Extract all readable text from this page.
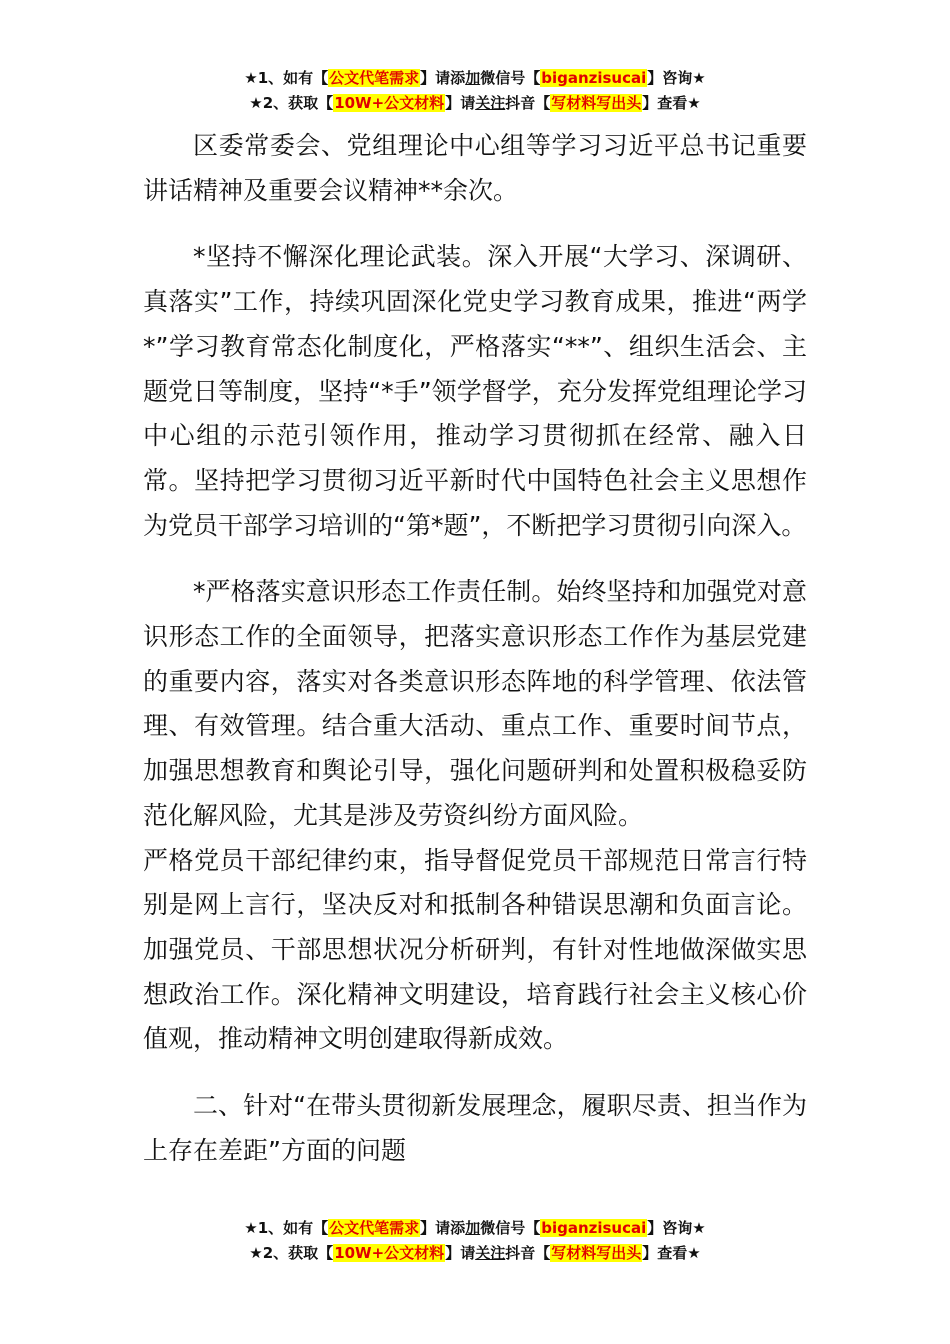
★1、如有【公文代笔需求】请添加微信号【biganzisucai】咨询★
★2、获取【10W+公文材料】请关注抖音【写材料写出头】查看★

区委常委会、党组理论中心组等学习习近平总书记重要讲话精神及重要会议精神**余次。

*坚持不懈深化理论武装。深入开展“大学习、深调研、真落实”工作，持续巩固深化党史学习教育成果，推进“两学*”学习教育常态化制度化，严格落实“**”、组织生活会、主题党日等制度，坚持“*手”领学督学，充分发挥党组理论学习中心组的示范引领作用，推动学习贯彻抓在经常、融入日常。坚持把学习贯彻习近平新时代中国特色社会主义思想作为党员干部学习培训的“第*题”，不断把学习贯彻引向深入。

*严格落实意识形态工作责任制。始终坚持和加强党对意识形态工作的全面领导，把落实意识形态工作作为基层党建的重要内容，落实对各类意识形态阵地的科学管理、依法管理、有效管理。结合重大活动、重点工作、重要时间节点，加强思想教育和舆论引导，强化问题研判和处置积极稳妥防范化解风险，尤其是涉及劳资纠纷方面风险。

严格党员干部纪律约束，指导督促党员干部规范日常言行特别是网上言行，坚决反对和抵制各种错误思潮和负面言论。加强党员、干部思想状况分析研判，有针对性地做深做实思想政治工作。深化精神文明建设，培育践行社会主义核心价值观，推动精神文明创建取得新成效。

二、针对“在带头贯彻新发展理念，履职尽责、担当作为上存在差距”方面的问题

★1、如有【公文代笔需求】请添加微信号【biganzisucai】咨询★
★2、获取【10W+公文材料】请关注抖音【写材料写出头】查看★
